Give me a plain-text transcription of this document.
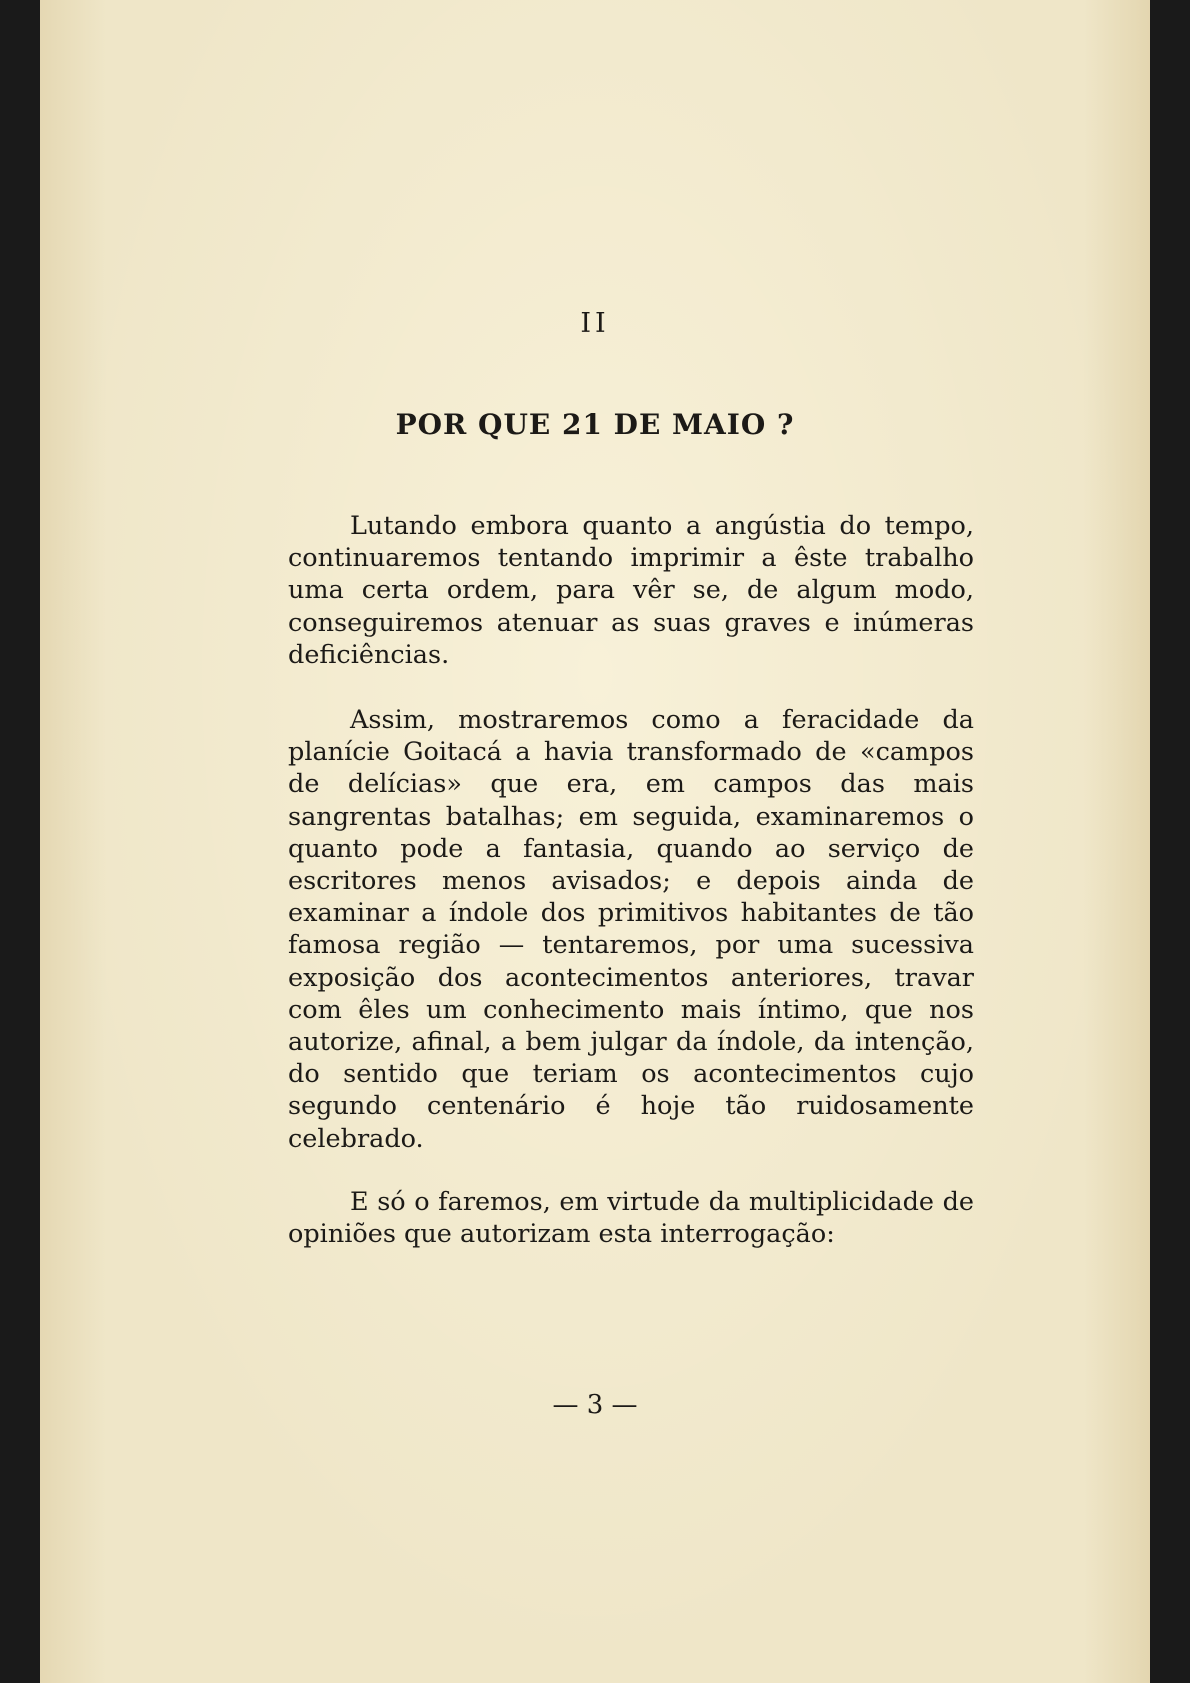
II
POR QUE 21 DE MAIO ?

Lutando embora quanto a angústia do tempo, continuaremos tentando imprimir a êste trabalho uma certa ordem, para vêr se, de algum modo, conseguiremos atenuar as suas graves e inúmeras deficiências.

Assim, mostraremos como a feracidade da planície Goitacá a havia transformado de «campos de delícias» que era, em campos das mais sangrentas batalhas; em seguida, examinaremos o quanto pode a fantasia, quando ao serviço de escritores menos avisados; e depois ainda de examinar a índole dos primitivos habitantes de tão famosa região — tentaremos, por uma sucessiva exposição dos acontecimentos anteriores, travar com êles um conhecimento mais íntimo, que nos autorize, afinal, a bem julgar da índole, da intenção, do sentido que teriam os acontecimentos cujo segundo centenário é hoje tão ruidosamente celebrado.

E só o faremos, em virtude da multiplicidade de opiniões que autorizam esta interrogação:

— 3 —
